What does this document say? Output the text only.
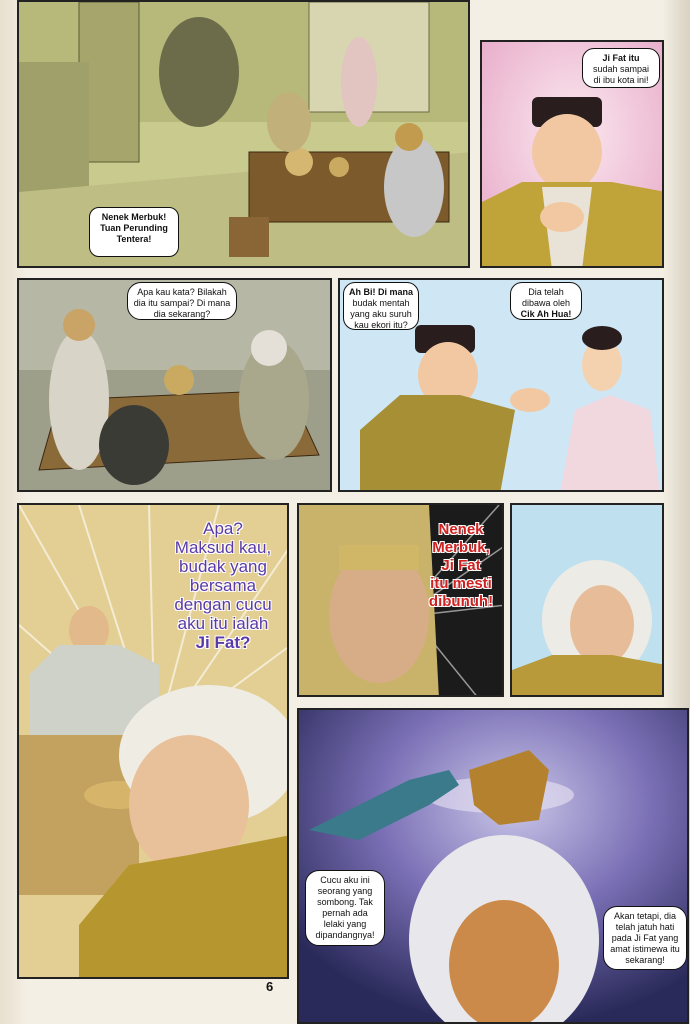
Nenek Merbuk!
Tuan Perunding
Tentera!
Ji Fat itu
sudah sampai
di ibu kota ini!
Apa kau kata? Bilakah
dia itu sampai? Di mana
dia sekarang?
Ah Bi! Di mana
budak mentah
yang aku suruh
kau ekori itu?
Dia telah
dibawa oleh
Cik Ah Hua!
Apa?
Maksud kau,
budak yang
bersama
dengan cucu
aku itu ialah
Ji Fat?
Nenek
Merbuk,
Ji Fat
itu mesti
dibunuh!
Cucu aku ini
seorang yang
sombong. Tak
pernah ada
lelaki yang
dipandangnya!
Akan tetapi, dia
telah jatuh hati
pada Ji Fat yang
amat istimewa itu
sekarang!
6
